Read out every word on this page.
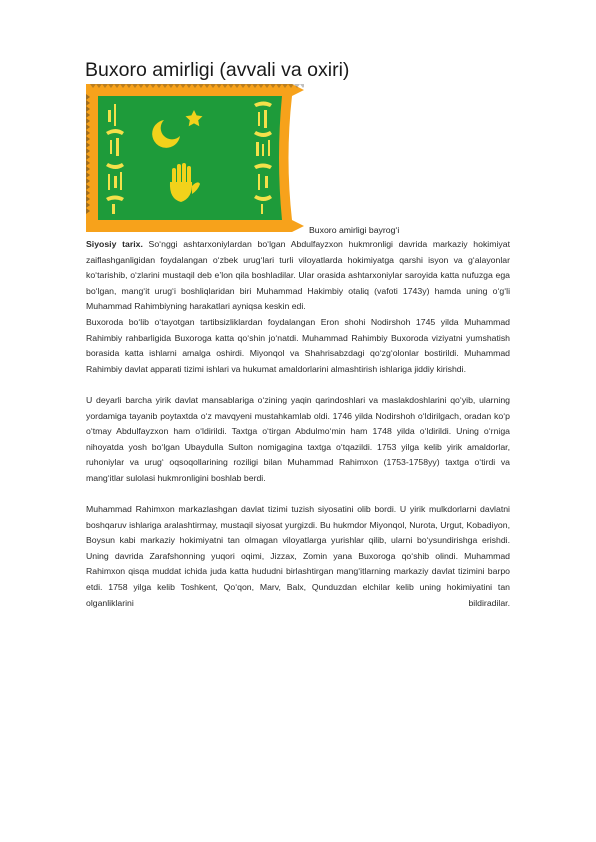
Buxoro amirligi (avvali va oxiri)
Buxoro amirligi bayrog‘i

Siyosiy tarix. So‘nggi ashtarxoniylardan bo‘lgan Abdulfayzxon hukmronligi davrida markaziy hokimiyat zaiflashganligidan foydalangan o‘zbek urug‘lari turli viloyatlarda hokimiyatga qarshi isyon va g‘alayonlar ko‘tarishib, o‘zlarini mustaqil deb e’lon qila boshladilar. Ular orasida ashtarxoniylar saroyida katta nufuzga ega bo‘lgan, mang‘it urug‘i boshliqlaridan biri Muhammad Hakimbiy otaliq (vafoti 1743y) hamda uning o‘g‘li Muhammad Rahimbiyning harakatlari ayniqsa keskin edi.

Buxoroda bo‘lib o‘tayotgan tartibsizliklardan foydalangan Eron shohi Nodirshoh 1745 yilda Muhammad Rahimbiy rahbarligida Buxoroga katta qo‘shin jo‘natdi. Muhammad Rahimbiy Buxoroda viziyatni yumshatish borasida katta ishlarni amalga oshirdi. Miyonqol va Shahrisabzdagi qo‘zg‘olonlar bostirildi. Muhammad Rahimbiy davlat apparati tizimi ishlari va hukumat amaldorlarini almashtirish ishlariga jiddiy kirishdi.

U deyarli barcha yirik davlat mansablariga o‘zining yaqin qarindoshlari va maslakdoshlarini qo‘yib, ularning yordamiga tayanib poytaxtda o‘z mavqyeni mustahkamlab oldi. 1746 yilda Nodirshoh o‘ldirilgach, oradan ko‘p o‘tmay Abdulfayzxon ham o‘ldirildi. Taxtga o‘tirgan Abdulmo‘min ham 1748 yilda o‘ldirildi. Uning o‘rniga nihoyatda yosh bo‘lgan Ubaydulla Sulton nomigagina taxtga o‘tqazildi. 1753 yilga kelib yirik amaldorlar, ruhoniylar va urug‘ oqsoqollarining roziligi bilan Muhammad Rahimxon (1753-1758yy) taxtga o‘tirdi va mang‘itlar sulolasi hukmronligini boshlab berdi.

Muhammad Rahimxon markazlashgan davlat tizimi tuzish siyosatini olib bordi. U yirik mulkdorlarni davlatni boshqaruv ishlariga aralashtirmay, mustaqil siyosat yurgizdi. Bu hukmdor Miyonqol, Nurota, Urgut, Kobadiyon, Boysun kabi markaziy hokimiyatni tan olmagan viloyatlarga yurishlar qilib, ularni bo‘ysundirishga erishdi. Uning davrida Zarafshonning yuqori oqimi, Jizzax, Zomin yana Buxoroga qo‘shib olindi. Muhammad Rahimxon qisqa muddat ichida juda katta hududni birlashtirgan mang‘itlarning markaziy davlat tizimini barpo etdi. 1758 yilga kelib Toshkent, Qo‘qon, Marv, Balx, Qunduzdan elchilar kelib uning hokimiyatini tan olganliklarini bildiradilar.
